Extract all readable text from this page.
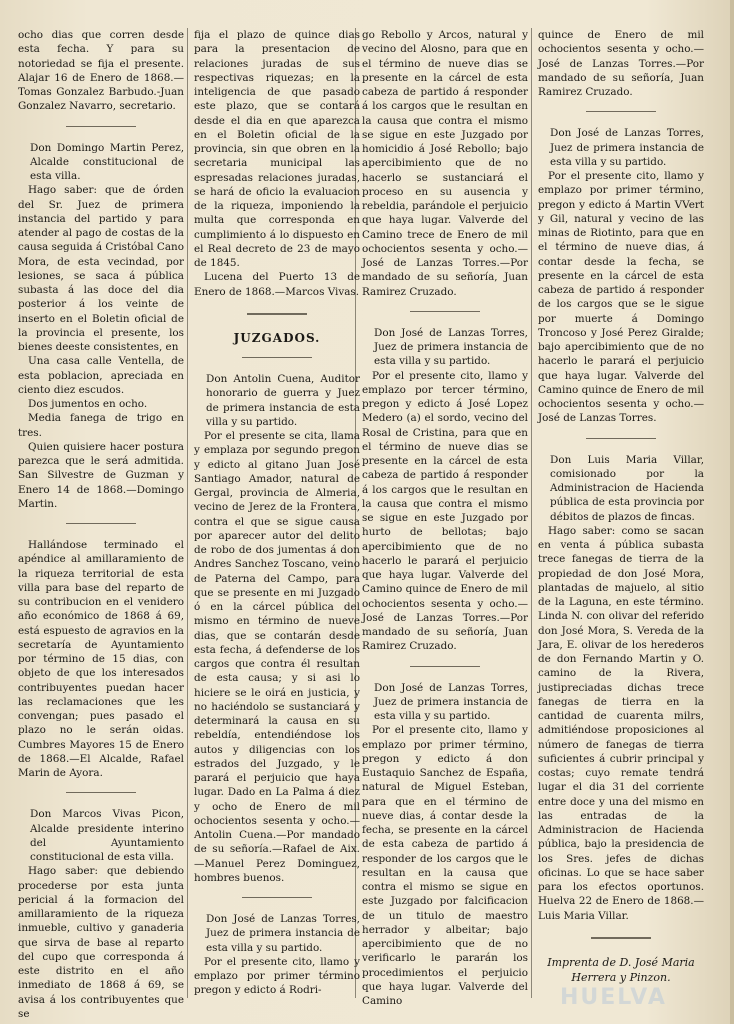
ocho dias que corren desde esta fecha. Y para su notoriedad se fija el presente. Alajar 16 de Enero de 1868.—Tomas Gonzalez Barbudo.-Juan Gonzalez Navarro, secretario.

Don Domingo Martin Perez, Alcalde constitucional de esta villa.

Hago saber: que de órden del Sr. Juez de primera instancia del partido y para atender al pago de costas de la causa seguida á Cristóbal Cano Mora, de esta vecindad, por lesiones, se saca á pública subasta á las doce del dia posterior á los veinte de inserto en el Boletin oficial de la provincia el presente, los bienes deeste consistentes, en

Una casa calle Ventella, de esta poblacion, apreciada en ciento diez escudos.

Dos jumentos en ocho.

Media fanega de trigo en tres.

Quien quisiere hacer postura parezca que le será admitida. San Silvestre de Guzman y Enero 14 de 1868.—Domingo Martin.

Hallándose terminado el apéndice al amillaramiento de la riqueza territorial de esta villa para base del reparto de su contribucion en el venidero año económico de 1868 á 69, está espuesto de agravios en la secretaría de Ayuntamiento por término de 15 dias, con objeto de que los interesados contribuyentes puedan hacer las reclamaciones que les convengan; pues pasado el plazo no le serán oidas. Cumbres Mayores 15 de Enero de 1868.—El Alcalde, Rafael Marin de Ayora.

Don Marcos Vivas Picon, Alcalde presidente interino del Ayuntamiento constitucional de esta villa.

Hago saber: que debiendo procederse por esta junta pericial á la formacion del amillaramiento de la riqueza inmueble, cultivo y ganaderia que sirva de base al reparto del cupo que corresponda á este distrito en el año inmediato de 1868 á 69, se avisa á los contribuyentes que se

fija el plazo de quince dias para la presentacion de relaciones juradas de sus respectivas riquezas; en la inteligencia de que pasado este plazo, que se contará desde el dia en que aparezca en el Boletin oficial de la provincia, sin que obren en la secretaria municipal las espresadas relaciones juradas, se hará de oficio la evaluacion de la riqueza, imponiendo la multa que corresponda en cumplimiento á lo dispuesto en el Real decreto de 23 de mayo de 1845.

Lucena del Puerto 13 de Enero de 1868.—Marcos Vivas.

JUZGADOS.

Don Antolin Cuena, Auditor honorario de guerra y Juez de primera instancia de esta villa y su partido.

Por el presente se cita, llama y emplaza por segundo pregon y edicto al gitano Juan José Santiago Amador, natural de Gergal, provincia de Almeria, vecino de Jerez de la Frontera, contra el que se sigue causa por aparecer autor del delito de robo de dos jumentas á don Andres Sanchez Toscano, veino de Paterna del Campo, para que se presente en mi Juzgado ó en la cárcel pública del mismo en término de nueve dias, que se contarán desde esta fecha, á defenderse de los cargos que contra él resultan de esta causa; y si asi lo hiciere se le oirá en justicia, y no haciéndolo se sustanciará y determinará la causa en su rebeldía, entendiéndose los autos y diligencias con los estrados del Juzgado, y le parará el perjuicio que haya lugar. Dado en La Palma á diez y ocho de Enero de mil ochocientos sesenta y ocho.—Antolin Cuena.—Por mandado de su señoría.—Rafael de Aix.—Manuel Perez Dominguez, hombres buenos.

Don José de Lanzas Torres, Juez de primera instancia de esta villa y su partido.

Por el presente cito, llamo y emplazo por primer término pregon y edicto á Rodri-

go Rebollo y Arcos, natural y vecino del Alosno, para que en el término de nueve dias se presente en la cárcel de esta cabeza de partido á responder á los cargos que le resultan en la causa que contra el mismo se sigue en este Juzgado por homicidio á José Rebollo; bajo apercibimiento que de no hacerlo se sustanciará el proceso en su ausencia y rebeldia, parándole el perjuicio que haya lugar. Valverde del Camino trece de Enero de mil ochocientos sesenta y ocho.—José de Lanzas Torres.—Por mandado de su señoría, Juan Ramirez Cruzado.

Don José de Lanzas Torres, Juez de primera instancia de esta villa y su partido.

Por el presente cito, llamo y emplazo por tercer término, pregon y edicto á José Lopez Medero (a) el sordo, vecino del Rosal de Cristina, para que en el término de nueve dias se presente en la cárcel de esta cabeza de partido á responder á los cargos que le resultan en la causa que contra el mismo se sigue en este Juzgado por hurto de bellotas; bajo apercibimiento que de no hacerlo le parará el perjuicio que haya lugar. Valverde del Camino quince de Enero de mil ochocientos sesenta y ocho.—José de Lanzas Torres.—Por mandado de su señoría, Juan Ramirez Cruzado.

Don José de Lanzas Torres, Juez de primera instancia de esta villa y su partido.

Por el presente cito, llamo y emplazo por primer término, pregon y edicto á don Eustaquio Sanchez de España, natural de Miguel Esteban, para que en el término de nueve dias, á contar desde la fecha, se presente en la cárcel de esta cabeza de partido á responder de los cargos que le resultan en la causa que contra el mismo se sigue en este Juzgado por falcificacion de un titulo de maestro herrador y albeitar; bajo apercibimiento que de no verificarlo le pararán los procedimientos el perjuicio que haya lugar. Valverde del Camino

quince de Enero de mil ochocientos sesenta y ocho.—José de Lanzas Torres.—Por mandado de su señoría, Juan Ramirez Cruzado.

Don José de Lanzas Torres, Juez de primera instancia de esta villa y su partido.

Por el presente cito, llamo y emplazo por primer término, pregon y edicto á Martin VVert y Gil, natural y vecino de las minas de Riotinto, para que en el término de nueve dias, á contar desde la fecha, se presente en la cárcel de esta cabeza de partido á responder de los cargos que se le sigue por muerte á Domingo Troncoso y José Perez Giralde; bajo apercibimiento que de no hacerlo le parará el perjuicio que haya lugar. Valverde del Camino quince de Enero de mil ochocientos sesenta y ocho.—José de Lanzas Torres.

Don Luis Maria Villar, comisionado por la Administracion de Hacienda pública de esta provincia por débitos de plazos de fincas.

Hago saber: como se sacan en venta á pública subasta trece fanegas de tierra de la propiedad de don José Mora, plantadas de majuelo, al sitio de la Laguna, en este término. Linda N. con olivar del referido don José Mora, S. Vereda de la Jara, E. olivar de los herederos de don Fernando Martin y O. camino de la Rivera, justipreciadas dichas trece fanegas de tierra en la cantidad de cuarenta milrs, admitiéndose proposiciones al número de fanegas de tierra suficientes á cubrir principal y costas; cuyo remate tendrá lugar el dia 31 del corriente entre doce y una del mismo en las entradas de la Administracion de Hacienda pública, bajo la presidencia de los Sres. jefes de dichas oficinas. Lo que se hace saber para los efectos oportunos. Huelva 22 de Enero de 1868.—Luis Maria Villar.

Imprenta de D. José Maria Herrera y Pinzon.
HUELVA
